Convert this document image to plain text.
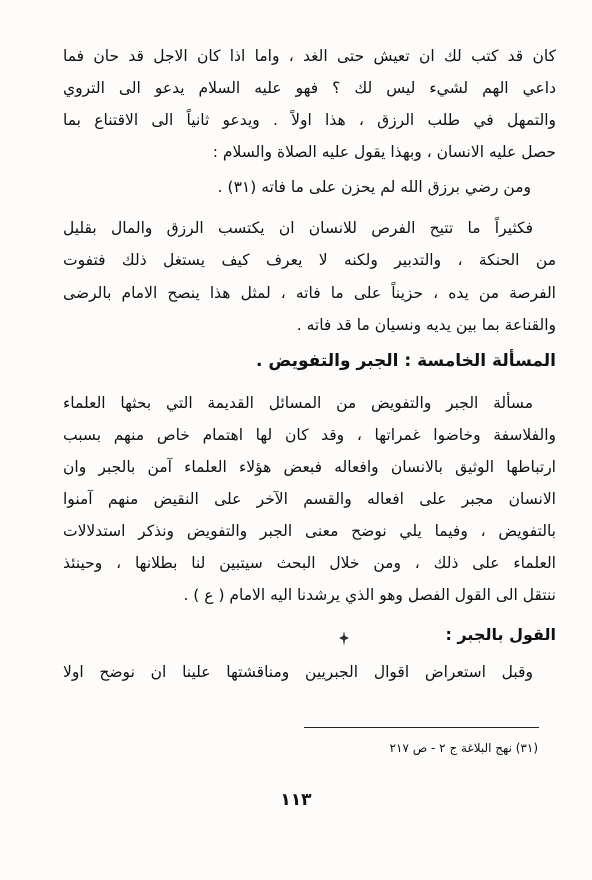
كان قد كتب لك ان تعيش حتى الغد ، واما اذا كان الاجل قد حان فما
داعي الهم لشيء ليس لك ؟ فهو عليه السلام يدعو الى التروي
والتمهل في طلب الرزق ، هذا اولاً . ويدعو ثانياً الى الاقتناع بما
حصل عليه الانسان ، وبهذا يقول عليه الصلاة والسلام :
ومن رضي برزق الله لم يحزن على ما فاته (٣١) .
فكثيراً ما تتيح الفرص للانسان ان يكتسب الرزق والمال بقليل
من الحنكة ، والتدبير ولكنه لا يعرف كيف يستغل ذلك فتفوت
الفرصة من يده ، حزيناً على ما فاته ، لمثل هذا ينصح الامام بالرضى
والقناعة بما بين يديه ونسيان ما قد فاته .
المسألة الخامسة : الجبر والتفويض .
مسألة الجبر والتفويض من المسائل القديمة التي بحثها العلماء
والفلاسفة وخاضوا غمراتها ، وقد كان لها اهتمام خاص منهم بسبب
ارتباطها الوثيق بالانسان وافعاله فبعض هؤلاء العلماء آمن بالجبر وان
الانسان مجبر على افعاله والقسم الآخر على النقيض منهم آمنوا
بالتفويض ، وفيما يلي نوضح معنى الجبر والتفويض ونذكر استدلالات
العلماء على ذلك ، ومن خلال البحث سيتبين لنا بطلانها ، وحينئذ
ننتقل الى القول الفصل وهو الذي يرشدنا اليه الامام ( ع ) .
القول بالجبر :
وقبل استعراض اقوال الجبريين ومناقشتها علينا ان نوضح اولا
(٣١) نهج البلاغة ج ٢ - ص ٢١٧
١١٣
